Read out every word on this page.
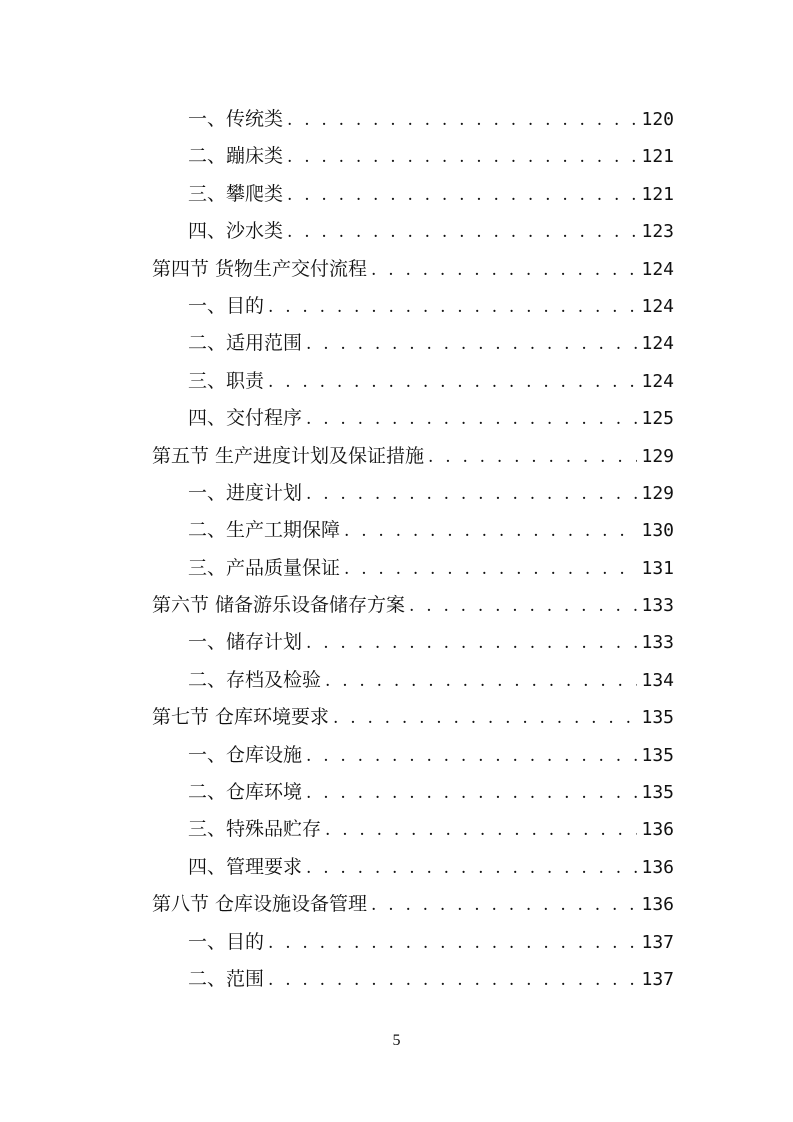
一、传统类 . . .	120
二、蹦床类 . . .	121
三、攀爬类 . . .	121
四、沙水类 . . .	123
第四节 货物生产交付流程 . . .	124
一、目的 . . .	124
二、适用范围 . . .	124
三、职责 . . .	124
四、交付程序 . . .	125
第五节 生产进度计划及保证措施 . . .	129
一、进度计划 . . .	129
二、生产工期保障 . . .	130
三、产品质量保证 . . .	131
第六节 储备游乐设备储存方案 . . .	133
一、储存计划 . . .	133
二、存档及检验 . . .	134
第七节 仓库环境要求 . . .	135
一、仓库设施 . . .	135
二、仓库环境 . . .	135
三、特殊品贮存 . . .	136
四、管理要求 . . .	136
第八节 仓库设施设备管理 . . .	136
一、目的 . . .	137
二、范围 . . .	137
5
